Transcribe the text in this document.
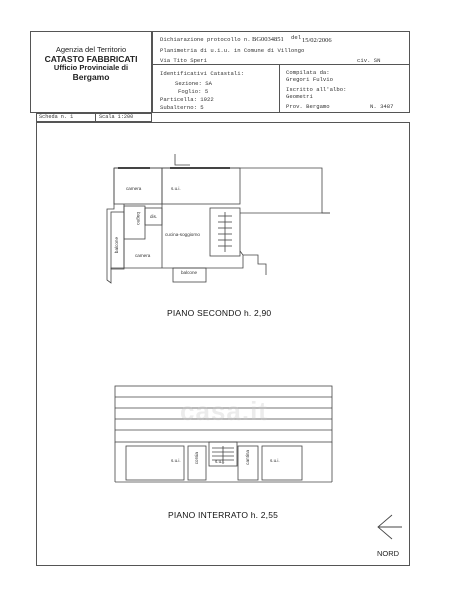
Agenzia del Territorio
CATASTO FABBRICATI
Ufficio Provinciale di
Bergamo
Dichiarazione protocollo n. BG0034851 del 15/02/2006
Planimetria di u.i.u. in Comune di Villongo
Via Tito Speri	civ. SN
Identificativi Catastali:
Sezione: SA
Foglio: 5
Particella: 1922
Subalterno: 5
Compilata da:
Gregori Fulvio
Iscritto all'albo:
Geometri
Prov. Bergamo	N. 3487
Scheda n. 1	Scala 1:200
camera	s.u.i.
bagno dis.
cucina-soggiorno
balcone
camera
balcone
PIANO SECONDO h. 2,90
s.u.i.	corsia	s.u.i.	cantina	s.u.i.
PIANO INTERRATO h. 2,55
casa.it
NORD
